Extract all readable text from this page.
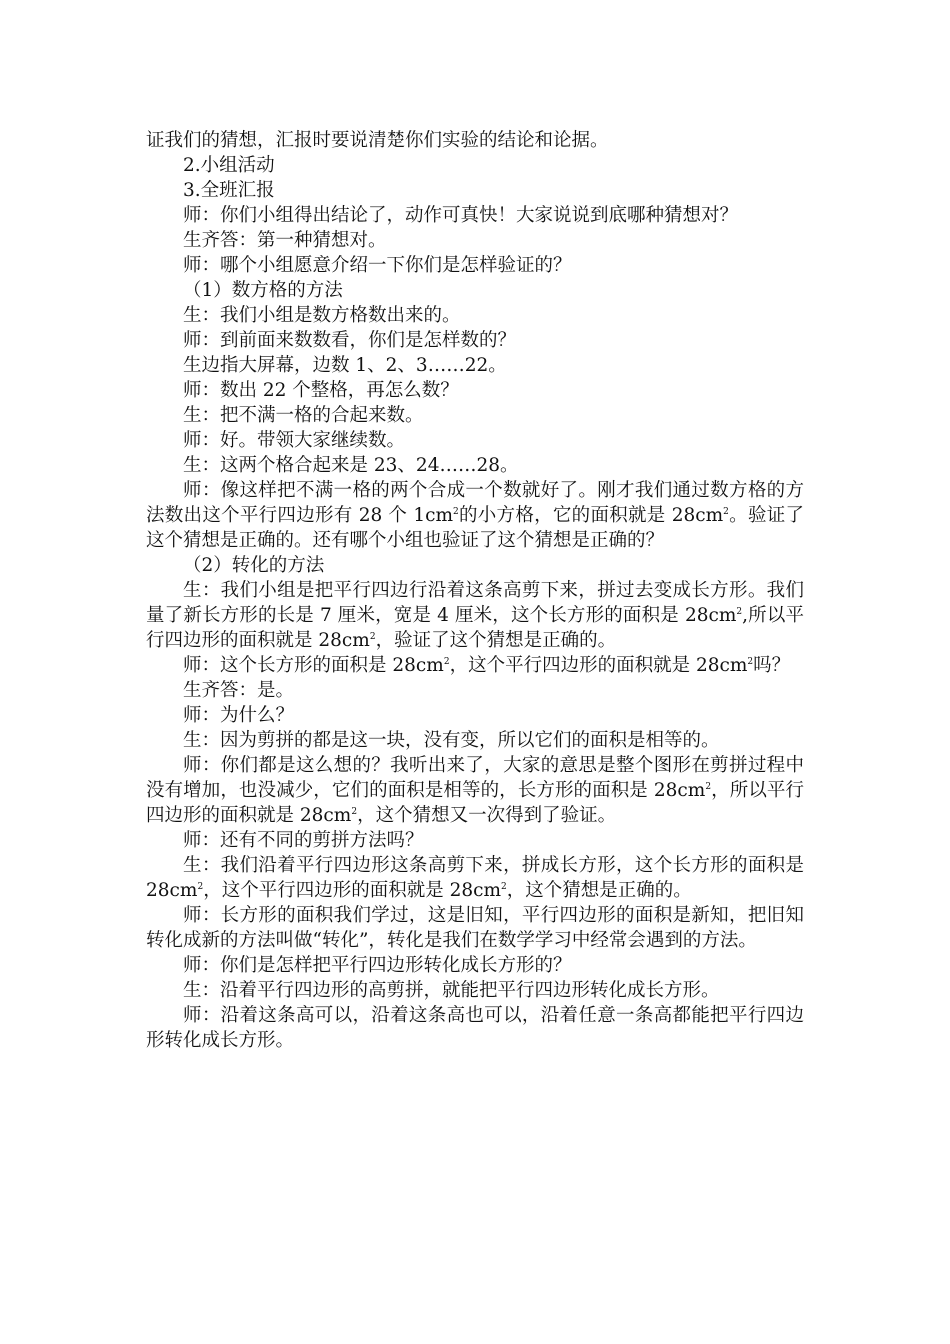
证我们的猜想，汇报时要说清楚你们实验的结论和论据。

2.小组活动

3.全班汇报

师：你们小组得出结论了，动作可真快！大家说说到底哪种猜想对？

生齐答：第一种猜想对。

师：哪个小组愿意介绍一下你们是怎样验证的？

（1）数方格的方法

生：我们小组是数方格数出来的。

师：到前面来数数看，你们是怎样数的？

生边指大屏幕，边数 1、2、3……22。

师：数出 22 个整格，再怎么数？

生：把不满一格的合起来数。

师：好。带领大家继续数。

生：这两个格合起来是 23、24……28。

师：像这样把不满一格的两个合成一个数就好了。刚才我们通过数方格的方法数出这个平行四边形有 28 个 $1cm^2$的小方格，它的面积就是 $28cm^2$。验证了这个猜想是正确的。还有哪个小组也验证了这个猜想是正确的？

（2）转化的方法

生：我们小组是把平行四边行沿着这条高剪下来，拼过去变成长方形。我们量了新长方形的长是 7 厘米，宽是 4 厘米，这个长方形的面积是 $28cm^2$,所以平行四边形的面积就是 $28cm^2$，验证了这个猜想是正确的。

师：这个长方形的面积是 $28cm^2$，这个平行四边形的面积就是 $28cm^2$吗？

生齐答：是。

师：为什么？

生：因为剪拼的都是这一块，没有变，所以它们的面积是相等的。

师：你们都是这么想的？我听出来了，大家的意思是整个图形在剪拼过程中没有增加，也没减少，它们的面积是相等的，长方形的面积是 $28cm^2$，所以平行四边形的面积就是 $28cm^2$，这个猜想又一次得到了验证。

师：还有不同的剪拼方法吗？

生：我们沿着平行四边形这条高剪下来，拼成长方形，这个长方形的面积是 $28cm^2$，这个平行四边形的面积就是 $28cm^2$，这个猜想是正确的。

师：长方形的面积我们学过，这是旧知，平行四边形的面积是新知，把旧知转化成新的方法叫做“转化”，转化是我们在数学学习中经常会遇到的方法。

师：你们是怎样把平行四边形转化成长方形的？

生：沿着平行四边形的高剪拼，就能把平行四边形转化成长方形。

师：沿着这条高可以，沿着这条高也可以，沿着任意一条高都能把平行四边形转化成长方形。
